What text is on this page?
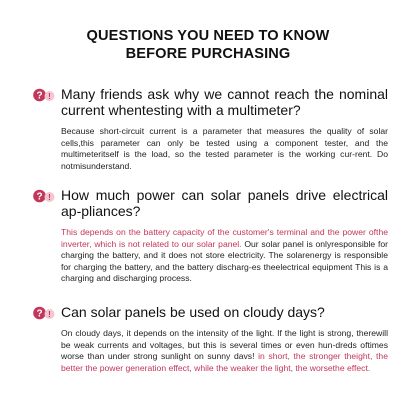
QUESTIONS YOU NEED TO KNOW
BEFORE PURCHASING
? ! Many friends ask why we cannot reach the nominal current whentesting with a multimeter?
Because short-circuit current is a parameter that measures the quality of solar cells,this parameter can only be tested using a component tester, and the multimeteritself is the load, so the tested parameter is the working cur-rent. Do notmisunderstand.
? ! How much power can solar panels drive electrical ap-pliances?
This depends on the battery capacity of the customer's terminal and the power ofthe inverter, which is not related to our solar panel. Our solar panel is onlyresponsible for charging the battery, and it does not store electricity. The solarenergy is responsible for charging the battery, and the battery discharg-es theelectrical equipment This is a charging and discharging process.
? ! Can solar panels be used on cloudy days?
On cloudy days, it depends on the intensity of the light. If the light is strong, therewill be weak currents and voltages, but this is several times or even hun-dreds oftimes worse than under strong sunlight on sunny davs! in short, the stronger theight, the better the power generation effect, while the weaker the light, the worsethe effect.
